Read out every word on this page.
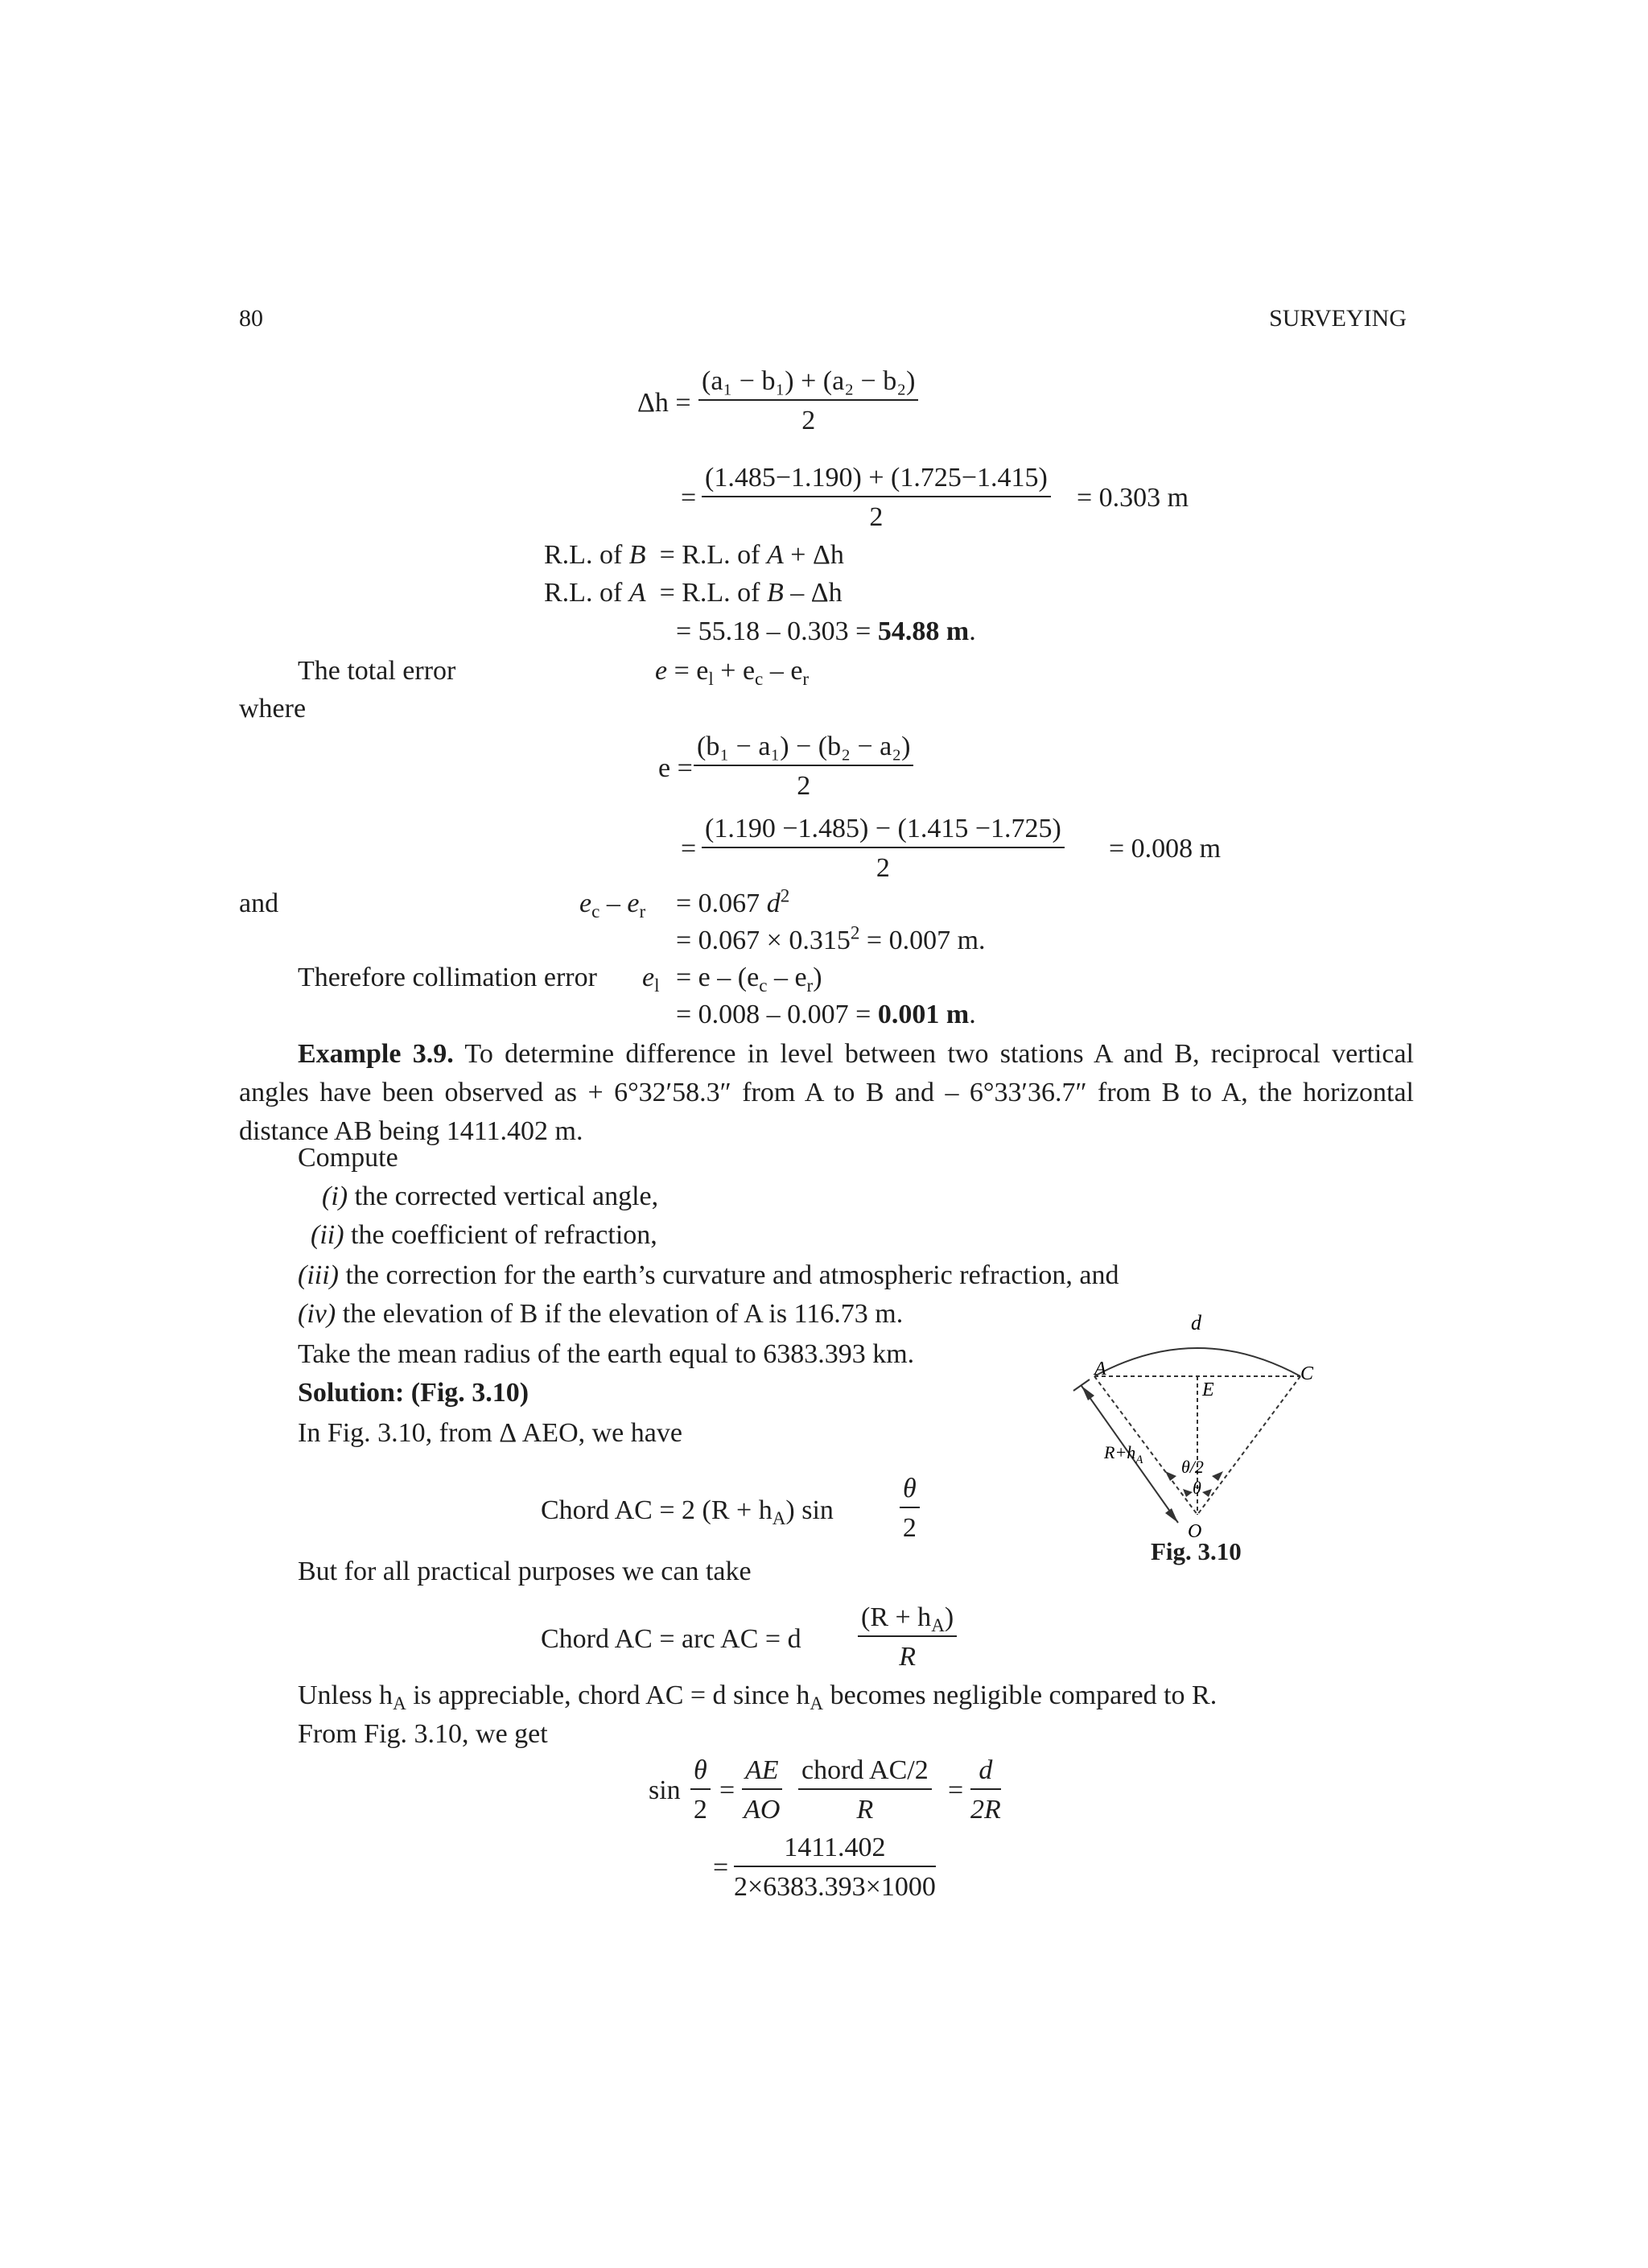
80	SURVEYING
Δh =
(a₁ − b₁) + (a₂ − b₂)
2
=
(1.485−1.190) + (1.725−1.415)
2
= 0.303 m
R.L. of B = R.L. of A + Δh
R.L. of A = R.L. of B – Δh
= 55.18 – 0.303 = 54.88 m.
The total error	$e = e_l + e_c - e_r$
where
e =
(b₁ − a₁) − (b₂ − a₂)
2
=
(1.190 −1.485) − (1.415 −1.725)
2
= 0.008 m
and	$e_c - e_r = 0.067$ $d^2$
= $0.067 \times 0.315^2 = 0.007$ m.
Therefore collimation error $e_l = e - (e_c - e_r)$
= 0.008 – 0.007 = 0.001 m.
Example 3.9. To determine difference in level between two stations A and B, reciprocal vertical angles have been observed as + 6°32′58.3″ from A to B and – 6°33′36.7″ from B to A, the horizontal distance AB being 1411.402 m.
Compute
(i) the corrected vertical angle,
(ii) the coefficient of refraction,
(iii) the correction for the earth’s curvature and atmospheric refraction, and
(iv) the elevation of B if the elevation of A is 116.73 m.
Take the mean radius of the earth equal to 6383.393 km.
Solution: (Fig. 3.10)
In Fig. 3.10, from Δ AEO, we have
Chord AC = 2 $(R + h_A)$ sin
θ
2
But for all practical purposes we can take
Chord AC = arc AC = d
$(R + h_A)$
R
Unless $h_A$ is appreciable, chord AC = d since $h_A$ becomes negligible compared to R.
From Fig. 3.10, we get
sin
θ
2
=
AE
AO
chord AC/2
R
=
d
2R
=
1411.402
2×6383.393×1000
d
A	C
E
O
$R+h_A$ θ/2
θ
Fig. 3.10
